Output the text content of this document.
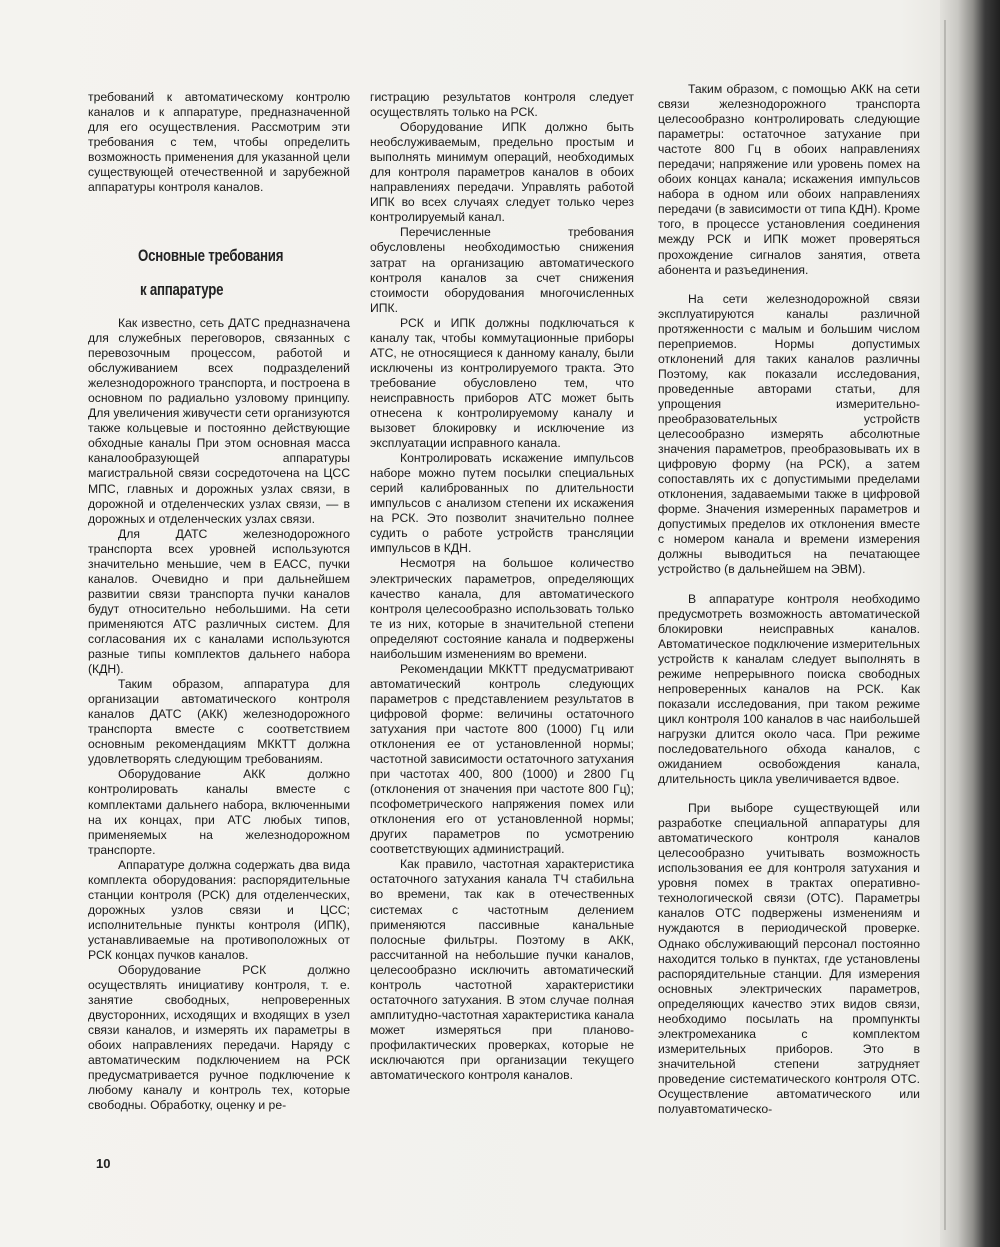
требований к автоматическому контролю каналов и к аппаратуре, предназначенной для его осуществления. Рассмотрим эти требования с тем, чтобы определить возможность применения для указанной цели существующей отечественной и зарубежной аппаратуры контроля каналов.

Основные требования
к аппаратуре

Как известно, сеть ДАТС предназначена для служебных переговоров, связанных с перевозочным процессом, работой и обслуживанием всех подразделений железнодорожного транспорта, и построена в основном по радиально узловому принципу. Для увеличения живучести сети организуются также кольцевые и постоянно действующие обходные каналы При этом основная масса каналообразующей аппаратуры магистральной связи сосредоточена на ЦСС МПС, главных и дорожных узлах связи, в дорожной и отделенческих узлах связи, — в дорожных и отделенческих узлах связи.

Для ДАТС железнодорожного транспорта всех уровней используются значительно меньшие, чем в ЕАСС, пучки каналов. Очевидно и при дальнейшем развитии связи транспорта пучки каналов будут относительно небольшими. На сети применяются АТС различных систем. Для согласования их с каналами используются разные типы комплектов дальнего набора (КДН).

Таким образом, аппаратура для организации автоматического контроля каналов ДАТС (АКК) железнодорожного транспорта вместе с соответствием основным рекомендациям МККТТ должна удовлетворять следующим требованиям.

Оборудование АКК должно контролировать каналы вместе с комплектами дальнего набора, включенными на их концах, при АТС любых типов, применяемых на железнодорожном транспорте.

Аппаратуре должна содержать два вида комплекта оборудования: распорядительные станции контроля (РСК) для отделенческих, дорожных узлов связи и ЦСС; исполнительные пункты контроля (ИПК), устанавливаемые на противоположных от РСК концах пучков каналов.

Оборудование РСК должно осуществлять инициативу контроля, т. е. занятие свободных, непроверенных двусторонних, исходящих и входящих в узел связи каналов, и измерять их параметры в обоих направлениях передачи. Наряду с автоматическим подключением на РСК предусматривается ручное подключение к любому каналу и контроль тех, которые свободны. Обработку, оценку и ре-

гистрацию результатов контроля следует осуществлять только на РСК.

Оборудование ИПК должно быть необслуживаемым, предельно простым и выполнять минимум операций, необходимых для контроля параметров каналов в обоих направлениях передачи. Управлять работой ИПК во всех случаях следует только через контролируемый канал.

Перечисленные требования обусловлены необходимостью снижения затрат на организацию автоматического контроля каналов за счет снижения стоимости оборудования многочисленных ИПК.

РСК и ИПК должны подключаться к каналу так, чтобы коммутационные приборы АТС, не относящиеся к данному каналу, были исключены из контролируемого тракта. Это требование обусловлено тем, что неисправность приборов АТС может быть отнесена к контролируемому каналу и вызовет блокировку и исключение из эксплуатации исправного канала.

Контролировать искажение импульсов наборе можно путем посылки специальных серий калиброванных по длительности импульсов с анализом степени их искажения на РСК. Это позволит значительно полнее судить о работе устройств трансляции импульсов в КДН.

Несмотря на большое количество электрических параметров, определяющих качество канала, для автоматического контроля целесообразно использовать только те из них, которые в значительной степени определяют состояние канала и подвержены наибольшим изменениям во времени.

Рекомендации МККТТ предусматривают автоматический контроль следующих параметров с представлением результатов в цифровой форме: величины остаточного затухания при частоте 800 (1000) Гц или отклонения ее от установленной нормы; частотной зависимости остаточного затухания при частотах 400, 800 (1000) и 2800 Гц (отклонения от значения при частоте 800 Гц); псофометрического напряжения помех или отклонения его от установленной нормы; других параметров по усмотрению соответствующих администраций.

Как правило, частотная характеристика остаточного затухания канала ТЧ стабильна во времени, так как в отечественных системах с частотным делением применяются пассивные канальные полосные фильтры. Поэтому в АКК, рассчитанной на небольшие пучки каналов, целесообразно исключить автоматический контроль частотной характеристики остаточного затухания. В этом случае полная амплитудно-частотная характеристика канала может измеряться при планово-профилактических проверках, которые не исключаются при организации текущего автоматического контроля каналов.

Таким образом, с помощью АКК на сети связи железнодорожного транспорта целесообразно контролировать следующие параметры: остаточное затухание при частоте 800 Гц в обоих направлениях передачи; напряжение или уровень помех на обоих концах канала; искажения импульсов набора в одном или обоих направлениях передачи (в зависимости от типа КДН). Кроме того, в процессе установления соединения между РСК и ИПК может проверяться прохождение сигналов занятия, ответа абонента и разъединения.

На сети железнодорожной связи эксплуатируются каналы различной протяженности с малым и большим числом переприемов. Нормы допустимых отклонений для таких каналов различны Поэтому, как показали исследования, проведенные авторами статьи, для упрощения измерительно-преобразовательных устройств целесообразно измерять абсолютные значения параметров, преобразовывать их в цифровую форму (на РСК), а затем сопоставлять их с допустимыми пределами отклонения, задаваемыми также в цифровой форме. Значения измеренных параметров и допустимых пределов их отклонения вместе с номером канала и времени измерения должны выводиться на печатающее устройство (в дальнейшем на ЭВМ).

В аппаратуре контроля необходимо предусмотреть возможность автоматической блокировки неисправных каналов. Автоматическое подключение измерительных устройств к каналам следует выполнять в режиме непрерывного поиска свободных непроверенных каналов на РСК. Как показали исследования, при таком режиме цикл контроля 100 каналов в час наибольшей нагрузки длится около часа. При режиме последовательного обхода каналов, с ожиданием освобождения канала, длительность цикла увеличивается вдвое.

При выборе существующей или разработке специальной аппаратуры для автоматического контроля каналов целесообразно учитывать возможность использования ее для контроля затухания и уровня помех в трактах оперативно-технологической связи (ОТС). Параметры каналов ОТС подвержены изменениям и нуждаются в периодической проверке. Однако обслуживающий персонал постоянно находится только в пунктах, где установлены распорядительные станции. Для измерения основных электрических параметров, определяющих качество этих видов связи, необходимо посылать на промпункты электромеханика с комплектом измерительных приборов. Это в значительной степени затрудняет проведение систематического контроля ОТС. Осуществление автоматического или полуавтоматическо-

10
